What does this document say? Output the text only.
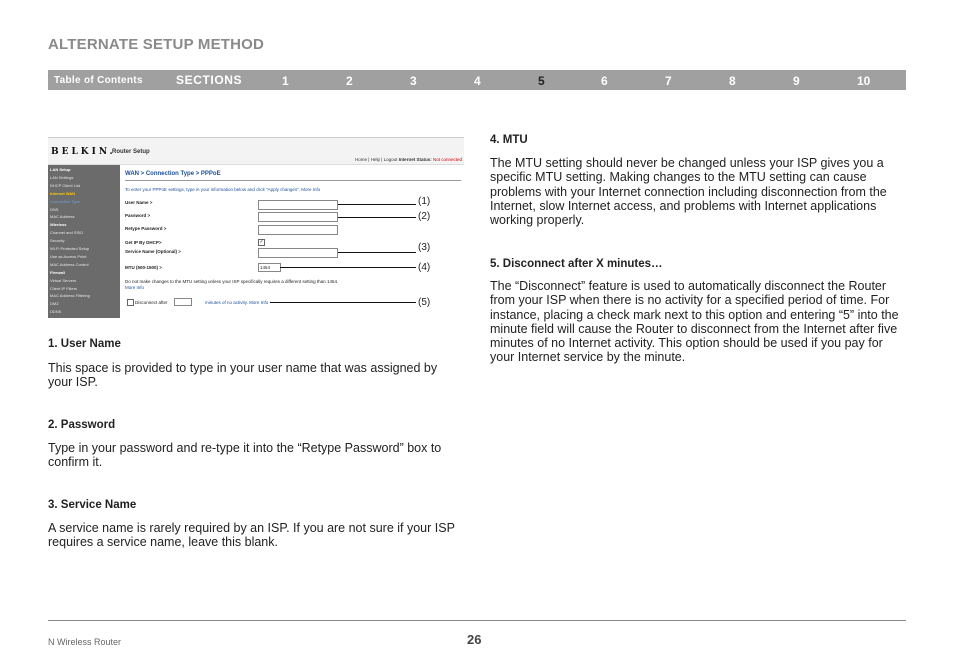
ALTERNATE SETUP METHOD
Table of Contents	SECTIONS	1	2	3	4	5	6	7	8	9	10
BELKIN.
Router Setup
Home | Help | Logout Internet Status: Not connected
WAN > Connection Type > PPPoE
To enter your PPPoE settings, type in your information below and click "Apply changes". More Info
User Name >
Password >
Retype Password >
Get IP By DHCP>	✓
Service Name (Optional) >
MTU (500-1500) >	1454
Do not make changes to the MTU setting unless your ISP specifically requires a different setting than 1454.
More Info
Disconnect after	minutes of no activity. More Info
(1)
(2)
(3)
(4)
(5)
LAN Setup
LAN Settings
DHCP Client List
Internet WAN
Connection Type
DNS
MAC Address
Wireless
Channel and SSID
Security
Wi-Fi Protected Setup
Use as Access Point
MAC Address Control
Firewall
Virtual Servers
Client IP Filters
MAC Address Filtering
DMZ
DDNS
1. User Name
This space is provided to type in your user name that was assigned by your ISP.
2. Password
Type in your password and re-type it into the “Retype Password” box to confirm it.
3. Service Name
A service name is rarely required by an ISP. If you are not sure if your ISP requires a service name, leave this blank.
4. MTU
The MTU setting should never be changed unless your ISP gives you a specific MTU setting. Making changes to the MTU setting can cause problems with your Internet connection including disconnection from the Internet, slow Internet access, and problems with Internet applications working properly.
5. Disconnect after X minutes…
The “Disconnect” feature is used to automatically disconnect the Router from your ISP when there is no activity for a specified period of time. For instance, placing a check mark next to this option and entering “5” into the minute field will cause the Router to disconnect from the Internet after five minutes of no Internet activity. This option should be used if you pay for your Internet service by the minute.
N Wireless Router	26
